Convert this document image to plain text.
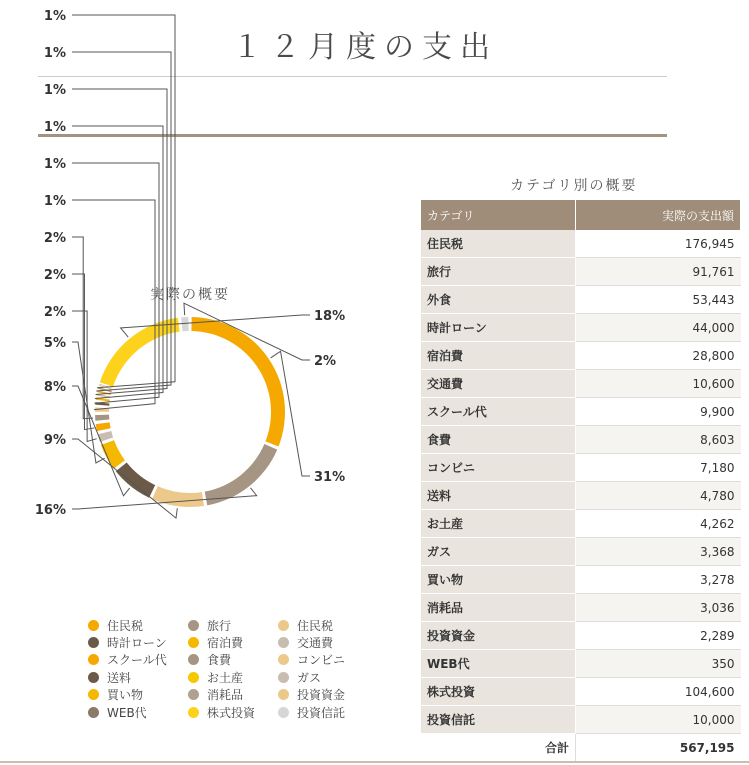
１２月度の支出
18%
2%
31%
16%
9%
8%
5%
2%
2%
2%
1%
1%
1%
1%
1%
1%
実際の概要
住民税	旅行	住民税
時計ローン	宿泊費	交通費
スクール代	食費	コンビニ
送料	お土産	ガス
買い物	消耗品	投資資金
WEB代	株式投資	投資信託
カテゴリ別の概要
カテゴリ	実際の支出額
住民税	176,945
旅行	91,761
外食	53,443
時計ローン	44,000
宿泊費	28,800
交通費	10,600
スクール代	9,900
食費	8,603
コンビニ	7,180
送料	4,780
お土産	4,262
ガス	3,368
買い物	3,278
消耗品	3,036
投資資金	2,289
WEB代	350
株式投資	104,600
投資信託	10,000
合計	567,195
